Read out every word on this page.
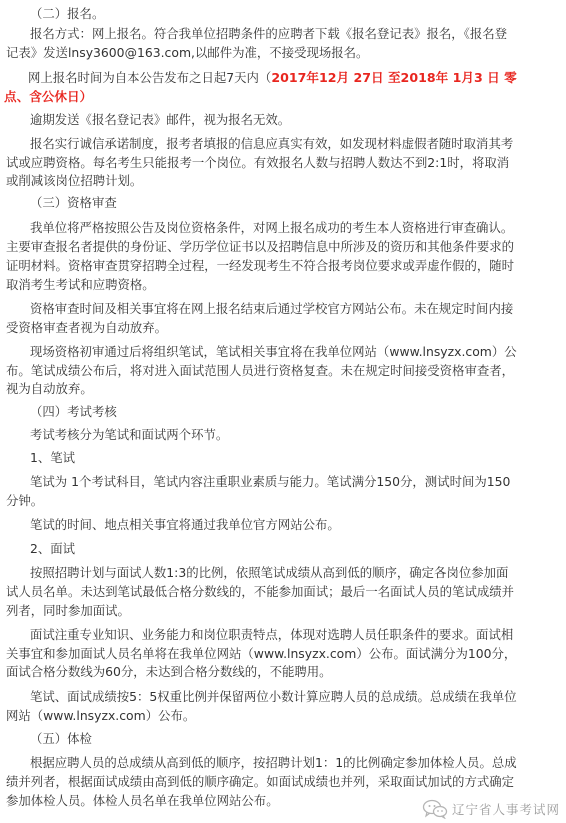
（二）报名。
报名方式：网上报名。符合我单位招聘条件的应聘者下载《报名登记表》报名，《报名登
记表》发送lnsy3600@163.com,以邮件为准，不接受现场报名。
网上报名时间为自本公告发布之日起7天内（2017年12月 27日 至2018年 1月3 日 零
点、含公休日）
逾期发送《报名登记表》邮件，视为报名无效。
报名实行诚信承诺制度，报考者填报的信息应真实有效，如发现材料虚假者随时取消其考
试或应聘资格。每名考生只能报考一个岗位。有效报名人数与招聘人数达不到2:1时，将取消
或削减该岗位招聘计划。
（三）资格审查
我单位将严格按照公告及岗位资格条件，对网上报名成功的考生本人资格进行审查确认。
主要审查报名者提供的身份证、学历学位证书以及招聘信息中所涉及的资历和其他条件要求的
证明材料。资格审查贯穿招聘全过程，一经发现考生不符合报考岗位要求或弄虚作假的，随时
取消考生考试和应聘资格。
资格审查时间及相关事宜将在网上报名结束后通过学校官方网站公布。未在规定时间内接
受资格审查者视为自动放弃。
现场资格初审通过后将组织笔试，笔试相关事宜将在我单位网站（www.lnsyzx.com）公
布。笔试成绩公布后，将对进入面试范围人员进行资格复查。未在规定时间接受资格审查者，
视为自动放弃。
（四）考试考核
考试考核分为笔试和面试两个环节。
1、笔试
笔试为 1个考试科目，笔试内容注重职业素质与能力。笔试满分150分，测试时间为150
分钟。
笔试的时间、地点相关事宜将通过我单位官方网站公布。
2、面试
按照招聘计划与面试人数1:3的比例，依照笔试成绩从高到低的顺序，确定各岗位参加面
试人员名单。未达到笔试最低合格分数线的，不能参加面试；最后一名面试人员的笔试成绩并
列者，同时参加面试。
面试注重专业知识、业务能力和岗位职责特点，体现对选聘人员任职条件的要求。面试相
关事宜和参加面试人员名单将在我单位网站（www.lnsyzx.com）公布。面试满分为100分，
面试合格分数线为60分，未达到合格分数线的，不能聘用。
笔试、面试成绩按5：5权重比例并保留两位小数计算应聘人员的总成绩。总成绩在我单位
网站（www.lnsyzx.com）公布。
（五）体检
根据应聘人员的总成绩从高到低的顺序，按招聘计划1：1的比例确定参加体检人员。总成
绩并列者，根据面试成绩由高到低的顺序确定。如面试成绩也并列，采取面试加试的方式确定
参加体检人员。体检人员名单在我单位网站公布。
辽宁省人事考试网
